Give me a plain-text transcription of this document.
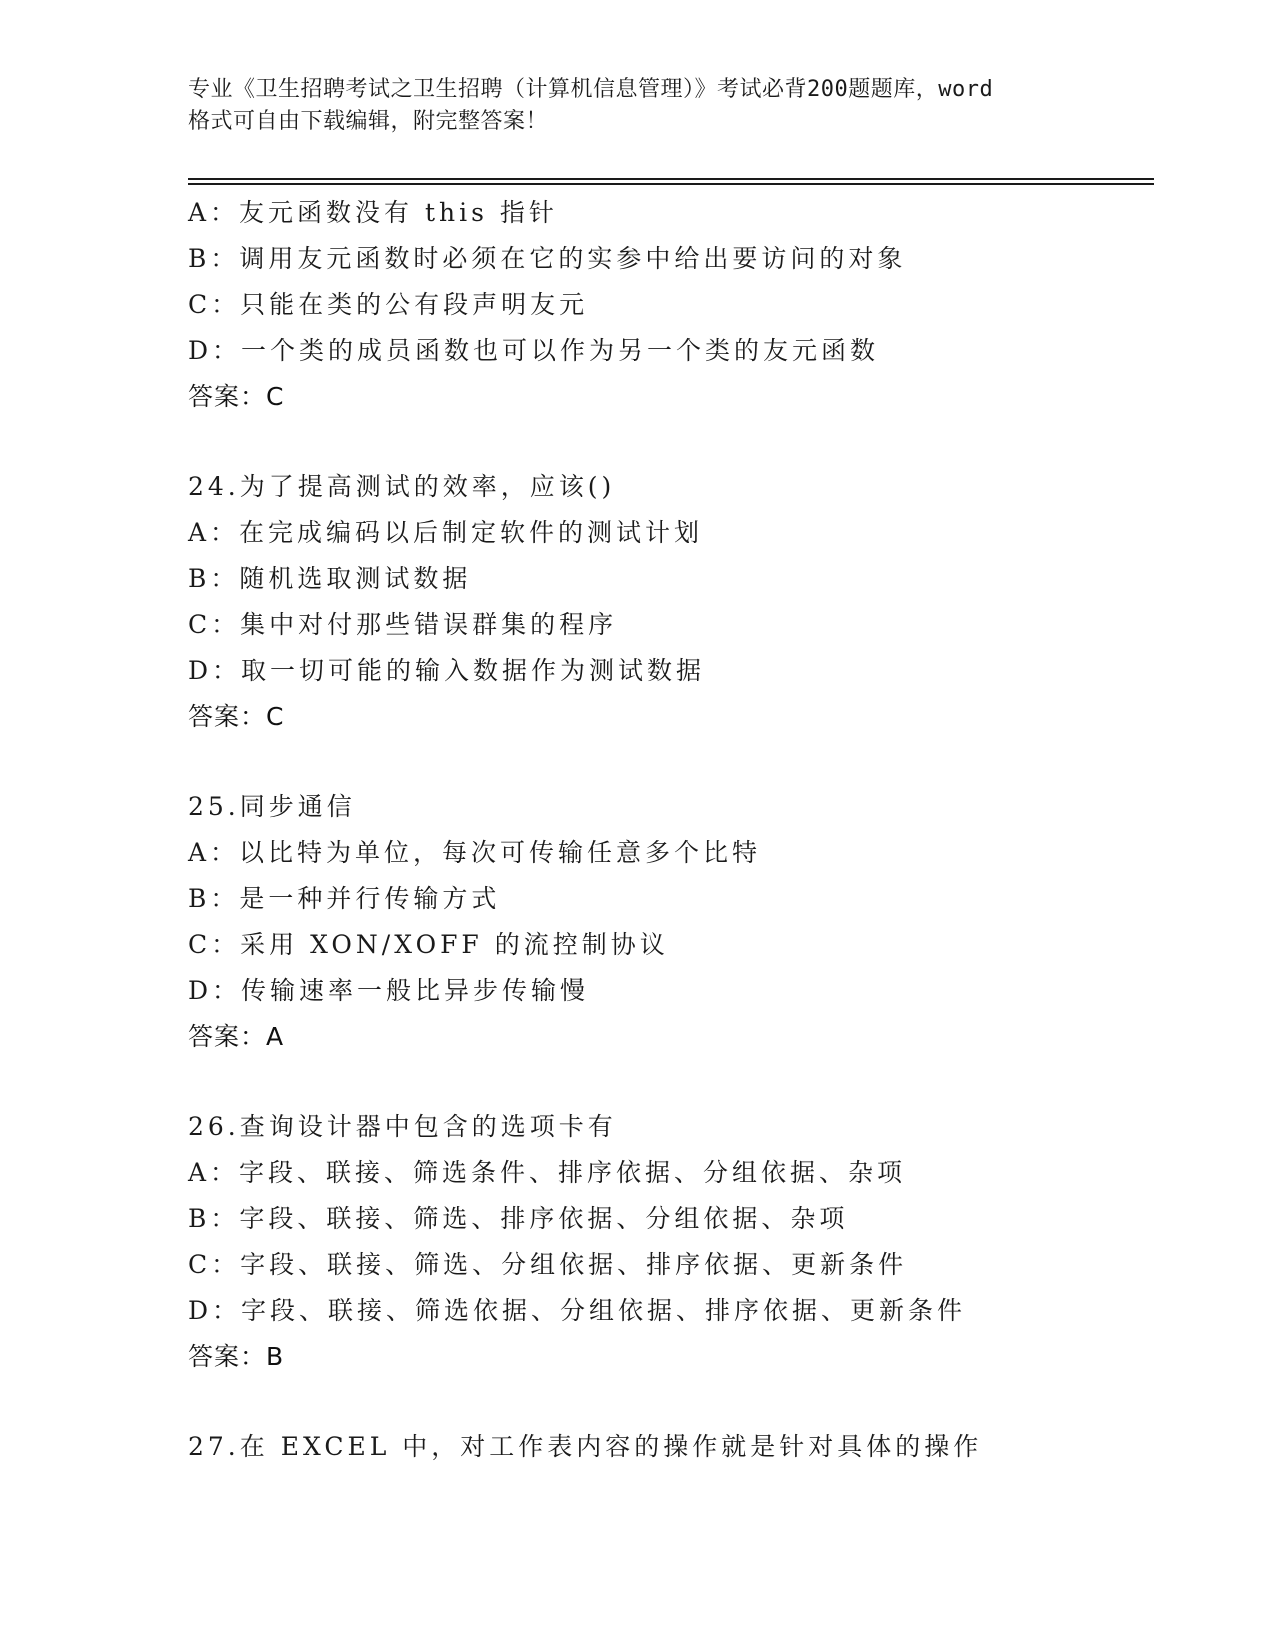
专业《卫生招聘考试之卫生招聘（计算机信息管理）》考试必背200题题库，word
格式可自由下载编辑，附完整答案！
A：友元函数没有 this 指针
B：调用友元函数时必须在它的实参中给出要访问的对象
C：只能在类的公有段声明友元
D：一个类的成员函数也可以作为另一个类的友元函数
答案：C
24.为了提高测试的效率，应该()
A：在完成编码以后制定软件的测试计划
B：随机选取测试数据
C：集中对付那些错误群集的程序
D：取一切可能的输入数据作为测试数据
答案：C
25.同步通信
A：以比特为单位，每次可传输任意多个比特
B：是一种并行传输方式
C：采用 XON/XOFF 的流控制协议
D：传输速率一般比异步传输慢
答案：A
26.查询设计器中包含的选项卡有
A：字段、联接、筛选条件、排序依据、分组依据、杂项
B：字段、联接、筛选、排序依据、分组依据、杂项
C：字段、联接、筛选、分组依据、排序依据、更新条件
D：字段、联接、筛选依据、分组依据、排序依据、更新条件
答案：B
27.在 EXCEL 中，对工作表内容的操作就是针对具体的操作
